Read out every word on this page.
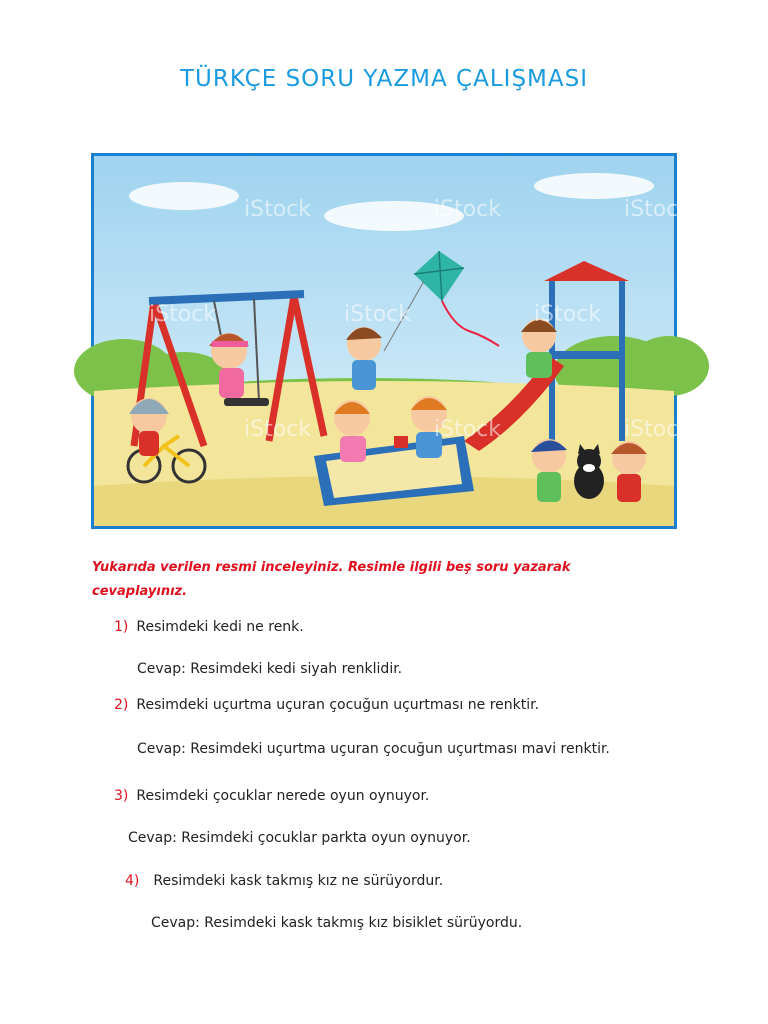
TÜRKÇE SORU YAZMA ÇALIŞMASI
iStock	iStock	iStock
iStock	iStock	iStock
iStock	iStock	iStock
Yukarıda verilen resmi inceleyiniz. Resimle ilgili beş soru yazarak cevaplayınız.
1) Resimdeki kedi ne renk.
Cevap: Resimdeki kedi siyah renklidir.
2) Resimdeki uçurtma uçuran çocuğun uçurtması ne renktir.
Cevap: Resimdeki uçurtma uçuran çocuğun uçurtması mavi renktir.
3) Resimdeki çocuklar nerede oyun oynuyor.
Cevap: Resimdeki çocuklar parkta oyun oynuyor.
4) Resimdeki kask takmış kız ne sürüyordur.
Cevap: Resimdeki kask takmış kız bisiklet sürüyordu.
